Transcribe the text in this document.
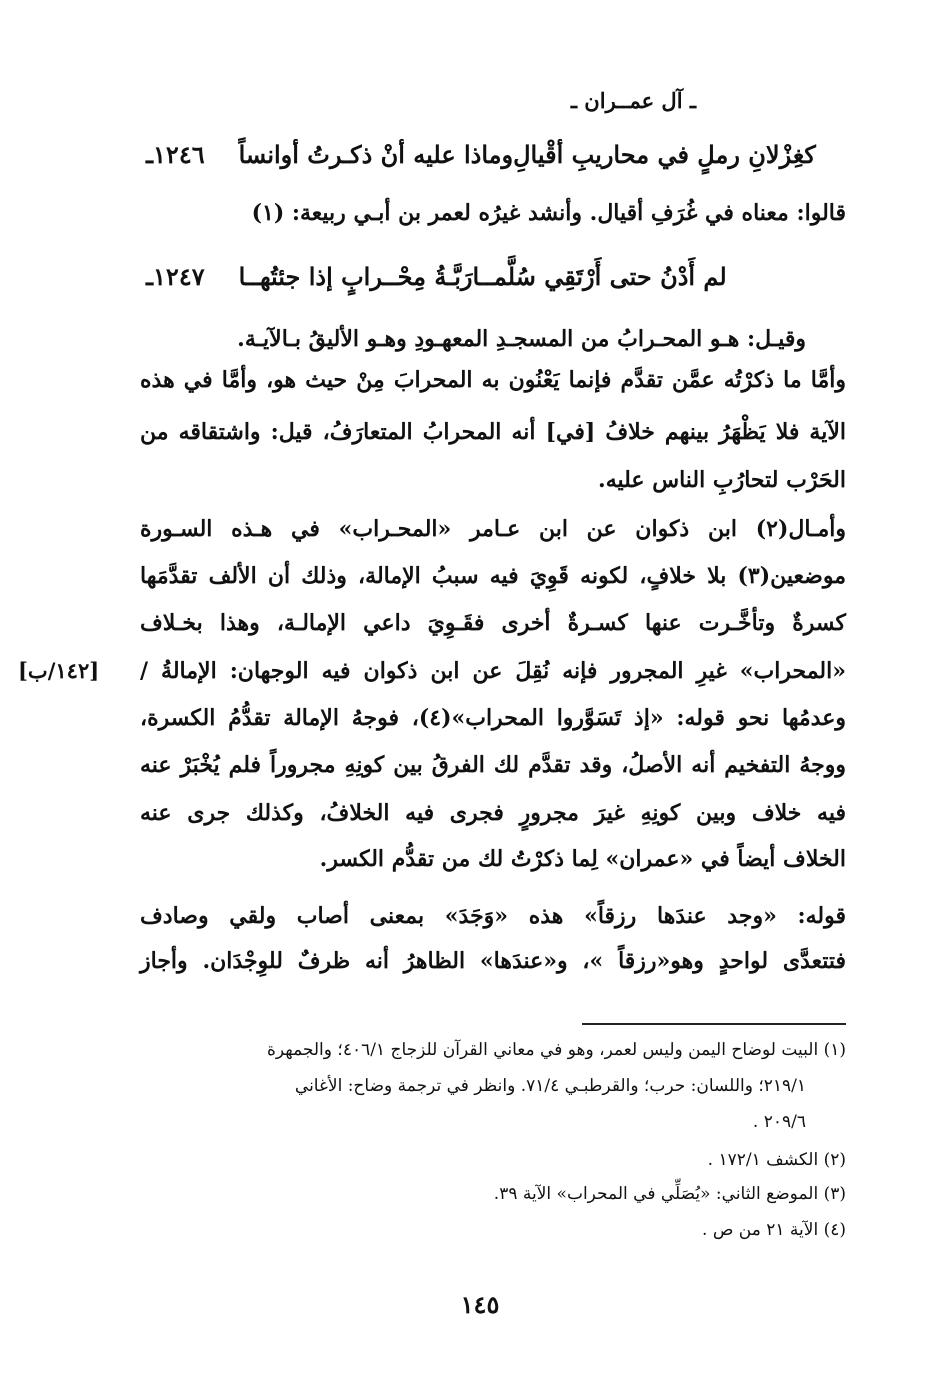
ـ آل عمــران ـ
١٢٤٦ـ وماذا عليه أنْ ذكـرتُ أوانساً كغِزْلانِ رملٍ في محاريبِ أقْيالِ
قالوا: معناه في غُرَفِ أقيال. وأنشد غيرُه لعمر بن أبـي ربيعة: (١)
١٢٤٧ـ رَبَّـةُ مِحْــرابٍ إذا جئتُهــا لم أَدْنُ حتى أَرْتَقِي سُلَّمــا
وقيـل: هـو المحـرابُ من المسجـدِ المعهـودِ وهـو الأليقُ بـالآيـة.
وأمَّا ما ذكرْتُه عمَّن تقدَّم فإنما يَعْنُون به المحرابَ مِنْ حيث هو، وأمَّا في هذه
الآية فلا يَظْهَرُ بينهم خلافُ [في] أنه المحرابُ المتعارَفُ، قيل: واشتقاقه من
الحَرْب لتحارُبِ الناس عليه.
وأمـال(٢) ابن ذكوان عن ابن عـامر «المحـراب» في هـذه السـورة
موضعين(٣) بلا خلافٍ، لكونه قَوِيَ فيه سببُ الإمالة، وذلك أن الألف تقدَّمَها
كسرةٌ وتأخَّـرت عنها كسـرةٌ أخرى فقَـوِيَ داعي الإمالـة، وهذا بخـلاف
«المحراب» غيرِ المجرور فإنه نُقِلَ عن ابن ذكوان فيه الوجهان: الإمالةُ /
وعدمُها نحو قوله: «إذ تَسَوَّروا المحراب»(٤)، فوجهُ الإمالة تقدُّمُ الكسرة،
ووجهُ التفخيم أنه الأصلُ، وقد تقدَّم لك الفرقُ بين كونِهِ مجروراً فلم يُخْبَرْ عنه
فيه خلاف وبين كونِهِ غيرَ مجرورٍ فجرى فيه الخلافُ، وكذلك جرى عنه
الخلاف أيضاً في «عمران» لِما ذكرْتُ لك من تقدُّم الكسر.
قوله: «وجد عندَها رزقاً» هذه «وَجَدَ» بمعنى أصاب ولقي وصادف
فتتعدَّى لواحدٍ وهو«رزقاً »، و«عندَها» الظاهرُ أنه ظرفٌ للوِجْدَان. وأجاز
[١٤٢/ب]
(١) البيت لوضاح اليمن وليس لعمر، وهو في معاني القرآن للزجاج ٤٠٦/١؛ والجمهرة
٢١٩/١؛ واللسان: حرب؛ والقرطبـي ٧١/٤. وانظر في ترجمة وضاح: الأغاني
٢٠٩/٦ .
(٢) الكشف ١٧٢/١ .
(٣) الموضع الثاني: «يُصَلِّي في المحراب» الآية ٣٩.
(٤) الآية ٢١ من ص .
١٤٥
